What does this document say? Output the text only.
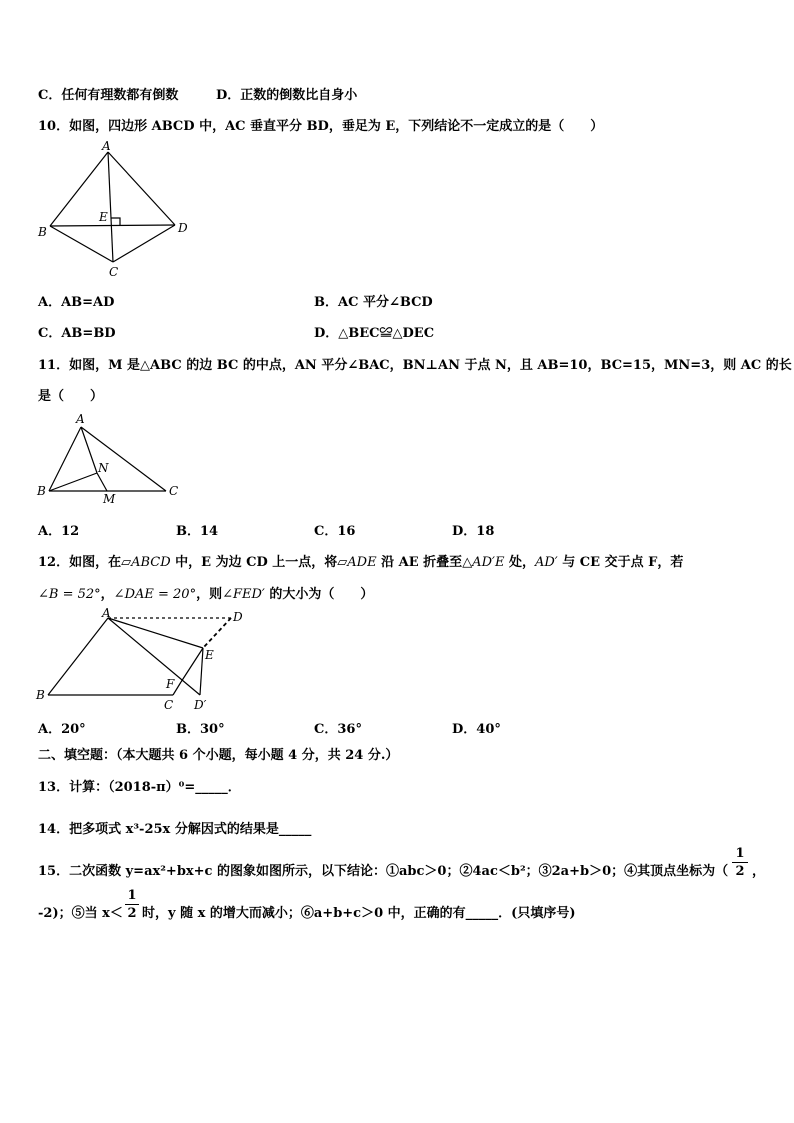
C．任何有理数都有倒数	D．正数的倒数比自身小
10．如图，四边形 ABCD 中，AC 垂直平分 BD，垂足为 E，下列结论不一定成立的是（　　）
A
B
C
D
E
A．AB=AD	B．AC 平分∠BCD
C．AB=BD	D．△BEC≌△DEC
11．如图，M 是△ABC 的边 BC 的中点，AN 平分∠BAC，BN⊥AN 于点 N，且 AB=10，BC=15，MN=3，则 AC 的长
是（　　）
A
B	C
N
M
A．12	B．14	C．16	D．18
12．如图，在▱ABCD 中，E 为边 CD 上一点，将▱ADE 沿 AE 折叠至△AD′E 处，AD′ 与 CE 交于点 F，若
∠B = 52°，∠DAE = 20°，则∠FED′ 的大小为（　　）
A
B
C
D
E
F
D′
A．20°	B．30°	C．36°	D．40°
二、填空题：（本大题共 6 个小题，每小题 4 分，共 24 分.）
13．计算：（2018-π）⁰=_____．
14．把多项式 x³-25x 分解因式的结果是_____
15．二次函数 y=ax²+bx+c 的图象如图所示，以下结论：①abc＞0；②4ac＜b²；③2a+b＞0；④其顶点坐标为（ $\frac{1}{2}$ ，
-2)；⑤当 $x< \frac{1}{2}$ 时，y 随 x 的增大而减小；⑥a+b+c＞0 中，正确的有_____．(只填序号)
